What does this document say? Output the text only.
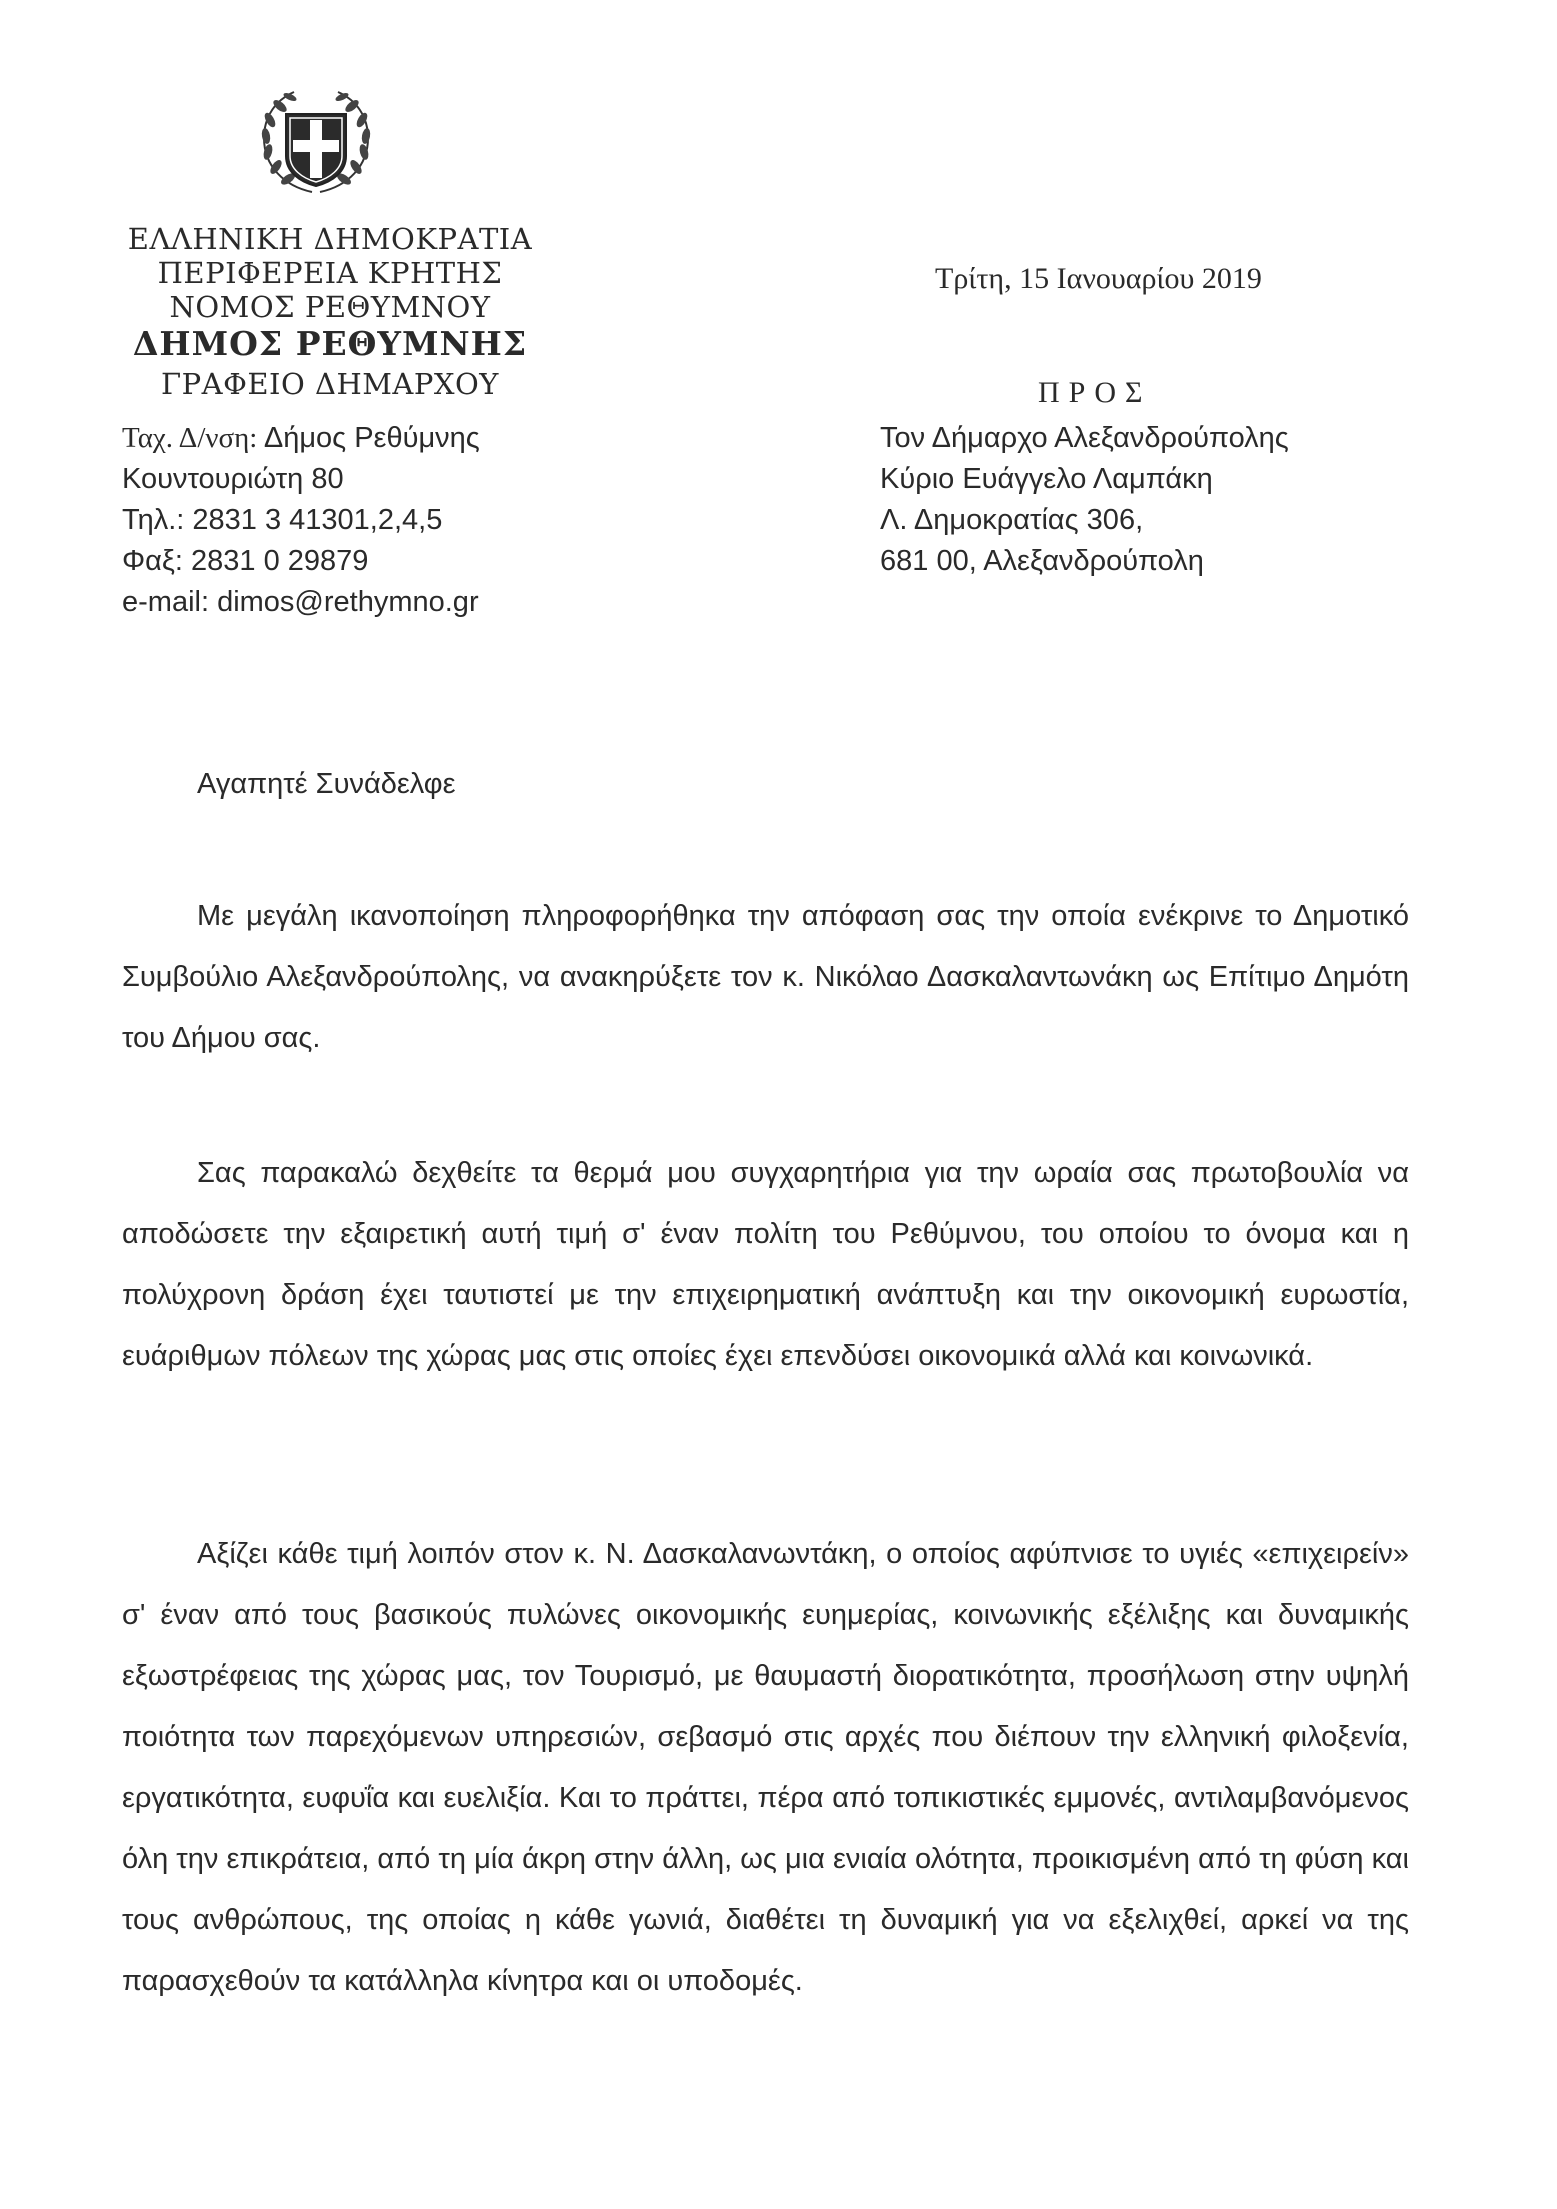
ΕΛΛΗΝΙΚΗ ΔΗΜΟΚΡΑΤΙΑ
ΠΕΡΙΦΕΡΕΙΑ ΚΡΗΤΗΣ
ΝΟΜΟΣ ΡΕΘΥΜΝΟΥ
ΔΗΜΟΣ ΡΕΘΥΜΝΗΣ
ΓΡΑΦΕΙΟ ΔΗΜΑΡΧΟΥ
Ταχ. Δ/νση: Δήμος Ρεθύμνης
Κουντουριώτη 80
Τηλ.: 2831 3 41301,2,4,5
Φαξ: 2831 0 29879
e-mail: dimos@rethymno.gr
Τρίτη, 15 Ιανουαρίου 2019
ΠΡΟΣ
Τον Δήμαρχο Αλεξανδρούπολης
Κύριο Ευάγγελο Λαμπάκη
Λ. Δημοκρατίας 306,
681 00, Αλεξανδρούπολη
Αγαπητέ Συνάδελφε

Με μεγάλη ικανοποίηση πληροφορήθηκα την απόφαση σας την οποία ενέκρινε το Δημοτικό Συμβούλιο Αλεξανδρούπολης, να ανακηρύξετε τον κ. Νικόλαο Δασκαλαντωνάκη ως Επίτιμο Δημότη του Δήμου σας.

Σας παρακαλώ δεχθείτε τα θερμά μου συγχαρητήρια για την ωραία σας πρωτοβουλία να αποδώσετε την εξαιρετική αυτή τιμή σ' έναν πολίτη του Ρεθύμνου, του οποίου το όνομα και η πολύχρονη δράση έχει ταυτιστεί με την επιχειρηματική ανάπτυξη και την οικονομική ευρωστία, ευάριθμων πόλεων της χώρας μας στις οποίες έχει επενδύσει οικονομικά αλλά και κοινωνικά.

Αξίζει κάθε τιμή λοιπόν στον κ. Ν. Δασκαλανωντάκη, ο οποίος αφύπνισε το υγιές «επιχειρείν» σ' έναν από τους βασικούς πυλώνες οικονομικής ευημερίας, κοινωνικής εξέλιξης και δυναμικής εξωστρέφειας της χώρας μας, τον Τουρισμό, με θαυμαστή διορατικότητα, προσήλωση στην υψηλή ποιότητα των παρεχόμενων υπηρεσιών, σεβασμό στις αρχές που διέπουν την ελληνική φιλοξενία, εργατικότητα, ευφυΐα και ευελιξία. Και το πράττει, πέρα από τοπικιστικές εμμονές, αντιλαμβανόμενος όλη την επικράτεια, από τη μία άκρη στην άλλη, ως μια ενιαία ολότητα, προικισμένη από τη φύση και τους ανθρώπους, της οποίας η κάθε γωνιά, διαθέτει τη δυναμική για να εξελιχθεί, αρκεί να της παρασχεθούν τα κατάλληλα κίνητρα και οι υποδομές.
